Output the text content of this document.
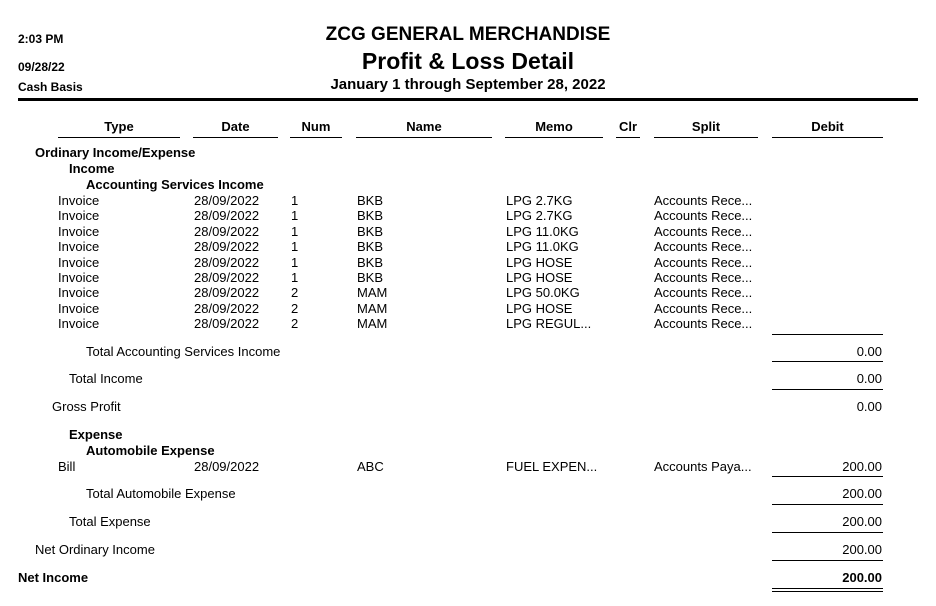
2:03 PM
09/28/22
Cash Basis
ZCG GENERAL MERCHANDISE
Profit & Loss Detail
January 1 through September 28, 2022
Type	Date	Num	Name	Memo	Clr	Split	Debit
Ordinary Income/Expense
Income
Accounting Services Income
Invoice	28/09/2022 1	BKB	LPG 2.7KG	Accounts Rece...
Invoice	28/09/2022 1	BKB	LPG 2.7KG	Accounts Rece...
Invoice	28/09/2022 1	BKB	LPG 11.0KG	Accounts Rece...
Invoice	28/09/2022 1	BKB	LPG 11.0KG	Accounts Rece...
Invoice	28/09/2022 1	BKB	LPG HOSE	Accounts Rece...
Invoice	28/09/2022 1	BKB	LPG HOSE	Accounts Rece...
Invoice	28/09/2022 2	MAM	LPG 50.0KG	Accounts Rece...
Invoice	28/09/2022 2	MAM	LPG HOSE	Accounts Rece...
Invoice	28/09/2022 2	MAM	LPG REGUL...	Accounts Rece...
Total Accounting Services Income	0.00
Total Income	0.00
Gross Profit	0.00
Expense
Automobile Expense
Bill	28/09/2022	ABC	FUEL EXPEN...	Accounts Paya...	200.00
Total Automobile Expense	200.00
Total Expense	200.00
Net Ordinary Income	200.00
Net Income	200.00
